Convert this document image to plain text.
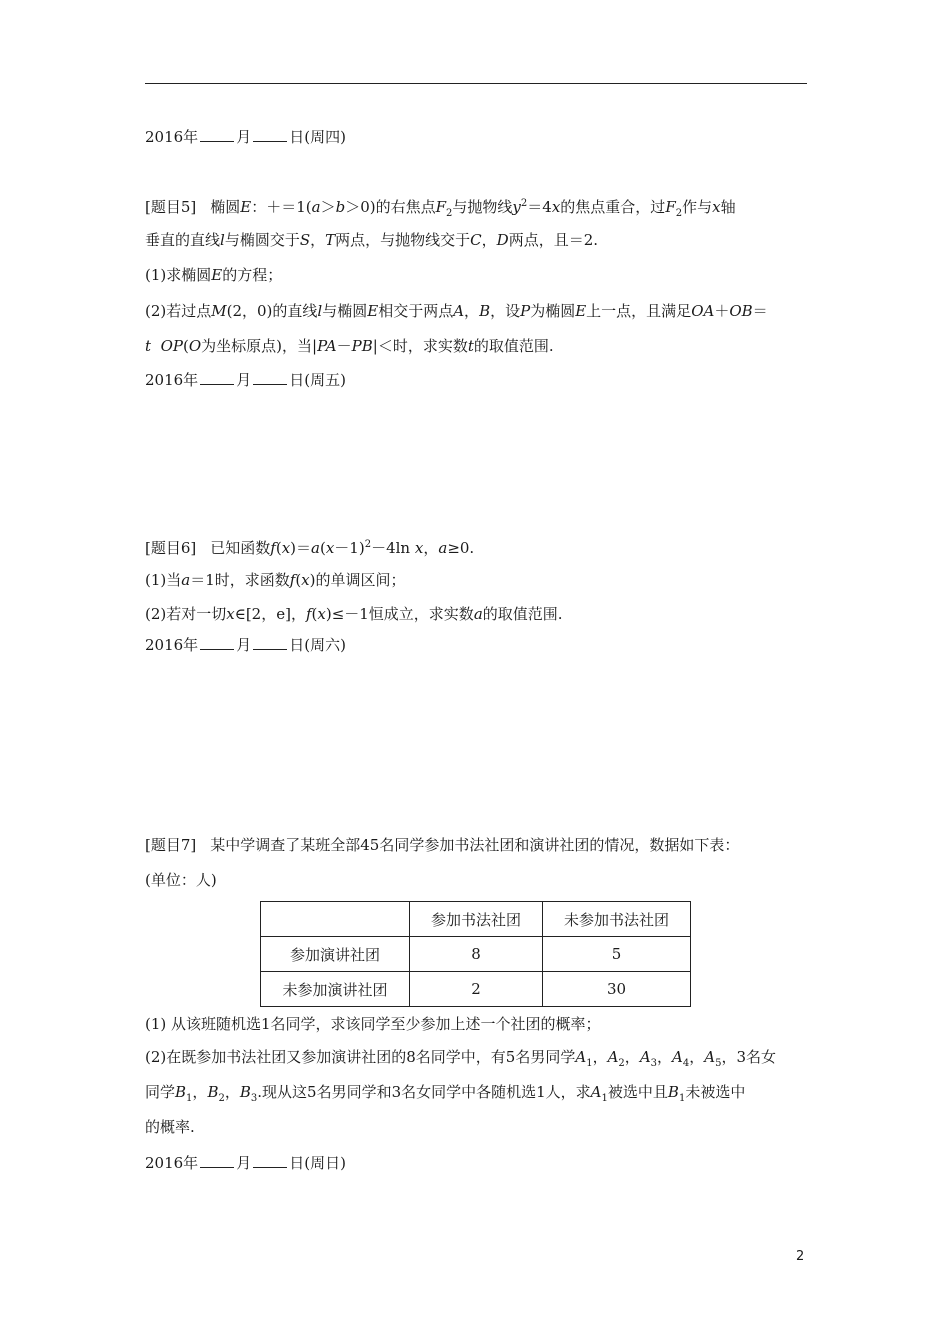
2016年	月	日(周四)
[题目5] 椭圆E：＋＝1(a＞b＞0)的右焦点$F_2$与抛物线$y^2=4x$的焦点重合，过$F_2$作与x轴
垂直的直线l与椭圆交于S，T两点，与抛物线交于C，D两点，且＝2.
(1)求椭圆E的方程；
(2)若过点M(2，0)的直线l与椭圆E相交于两点A，B，设P为椭圆E上一点，且满足OA＋OB＝
t OP(O为坐标原点)，当|PA－PB|＜时，求实数t的取值范围.
2016年	月	日(周五)
[题目6] 已知函数$f(x)=a(x-1)^2-4\ln$ x，a≥0.
(1)当a＝1时，求函数f(x)的单调区间；
(2)若对一切x∈[2，e]，f(x)≤－1恒成立，求实数a的取值范围.
2016年	月	日(周六)
[题目7] 某中学调查了某班全部45名同学参加书法社团和演讲社团的情况，数据如下表：
(单位：人)
	参加书法社团	未参加书法社团
参加演讲社团	8	5
未参加演讲社团	2	30
(1) 从该班随机选1名同学，求该同学至少参加上述一个社团的概率；
(2)在既参加书法社团又参加演讲社团的8名同学中，有5名男同学$A_1$，$A_2$，$A_3$，$A_4$，$A_5$，3名女
同学$B_1$，$B_2$，$B_3$.现从这5名男同学和3名女同学中各随机选1人，求$A_1$被选中且$B_1$未被选中
的概率.
2016年	月	日(周日)
2
